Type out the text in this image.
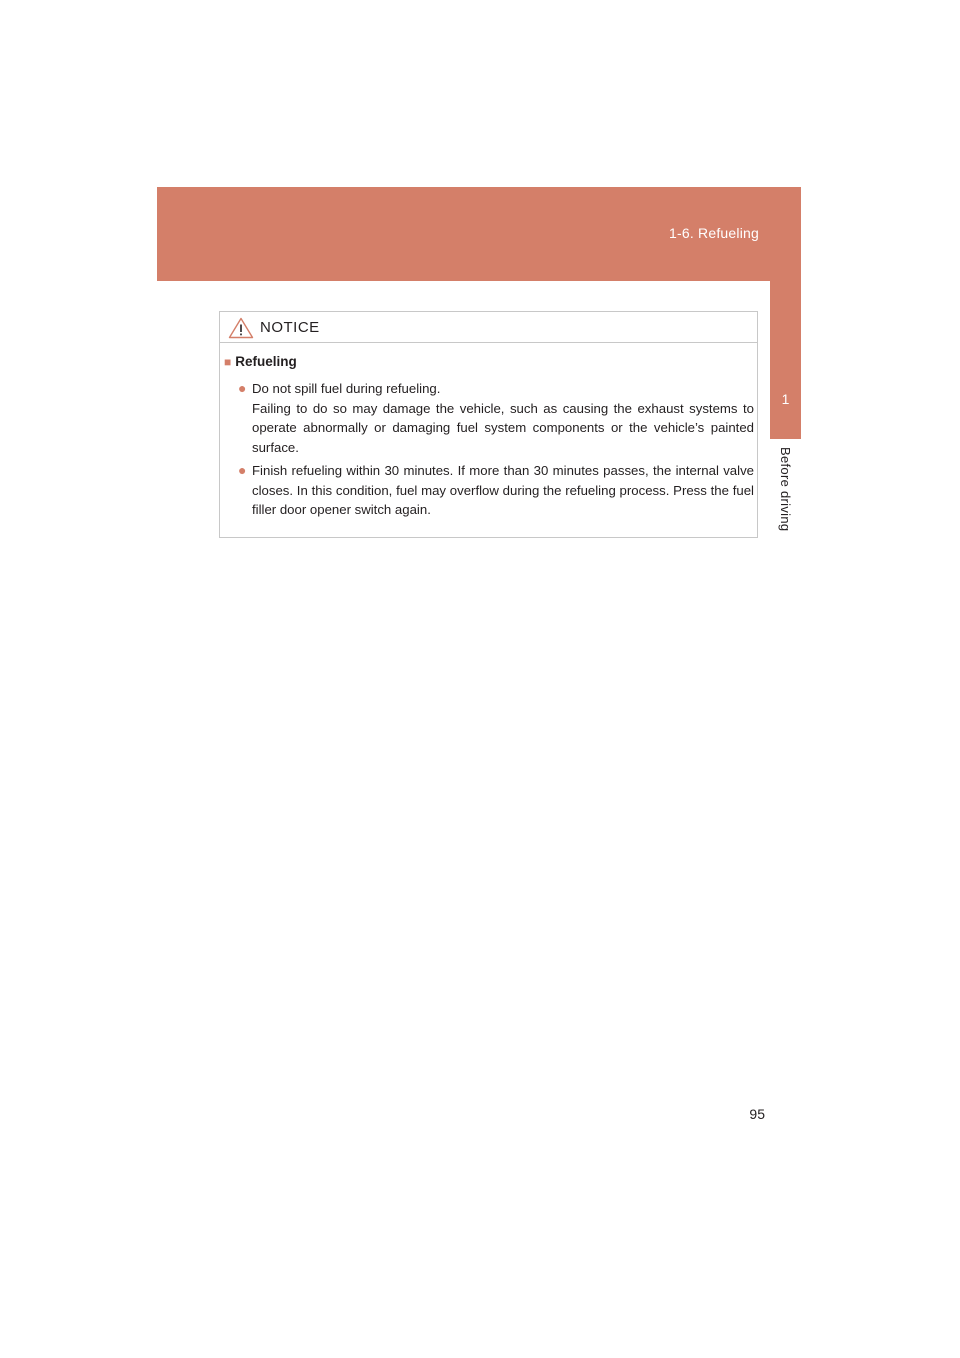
1-6. Refueling
1
Before driving
NOTICE
■ Refueling
● Do not spill fuel during refueling.
Failing to do so may damage the vehicle, such as causing the exhaust systems to operate abnormally or damaging fuel system components or the vehicle’s painted surface.
● Finish refueling within 30 minutes. If more than 30 minutes passes, the internal valve closes. In this condition, fuel may overflow during the refueling process. Press the fuel filler door opener switch again.
95
